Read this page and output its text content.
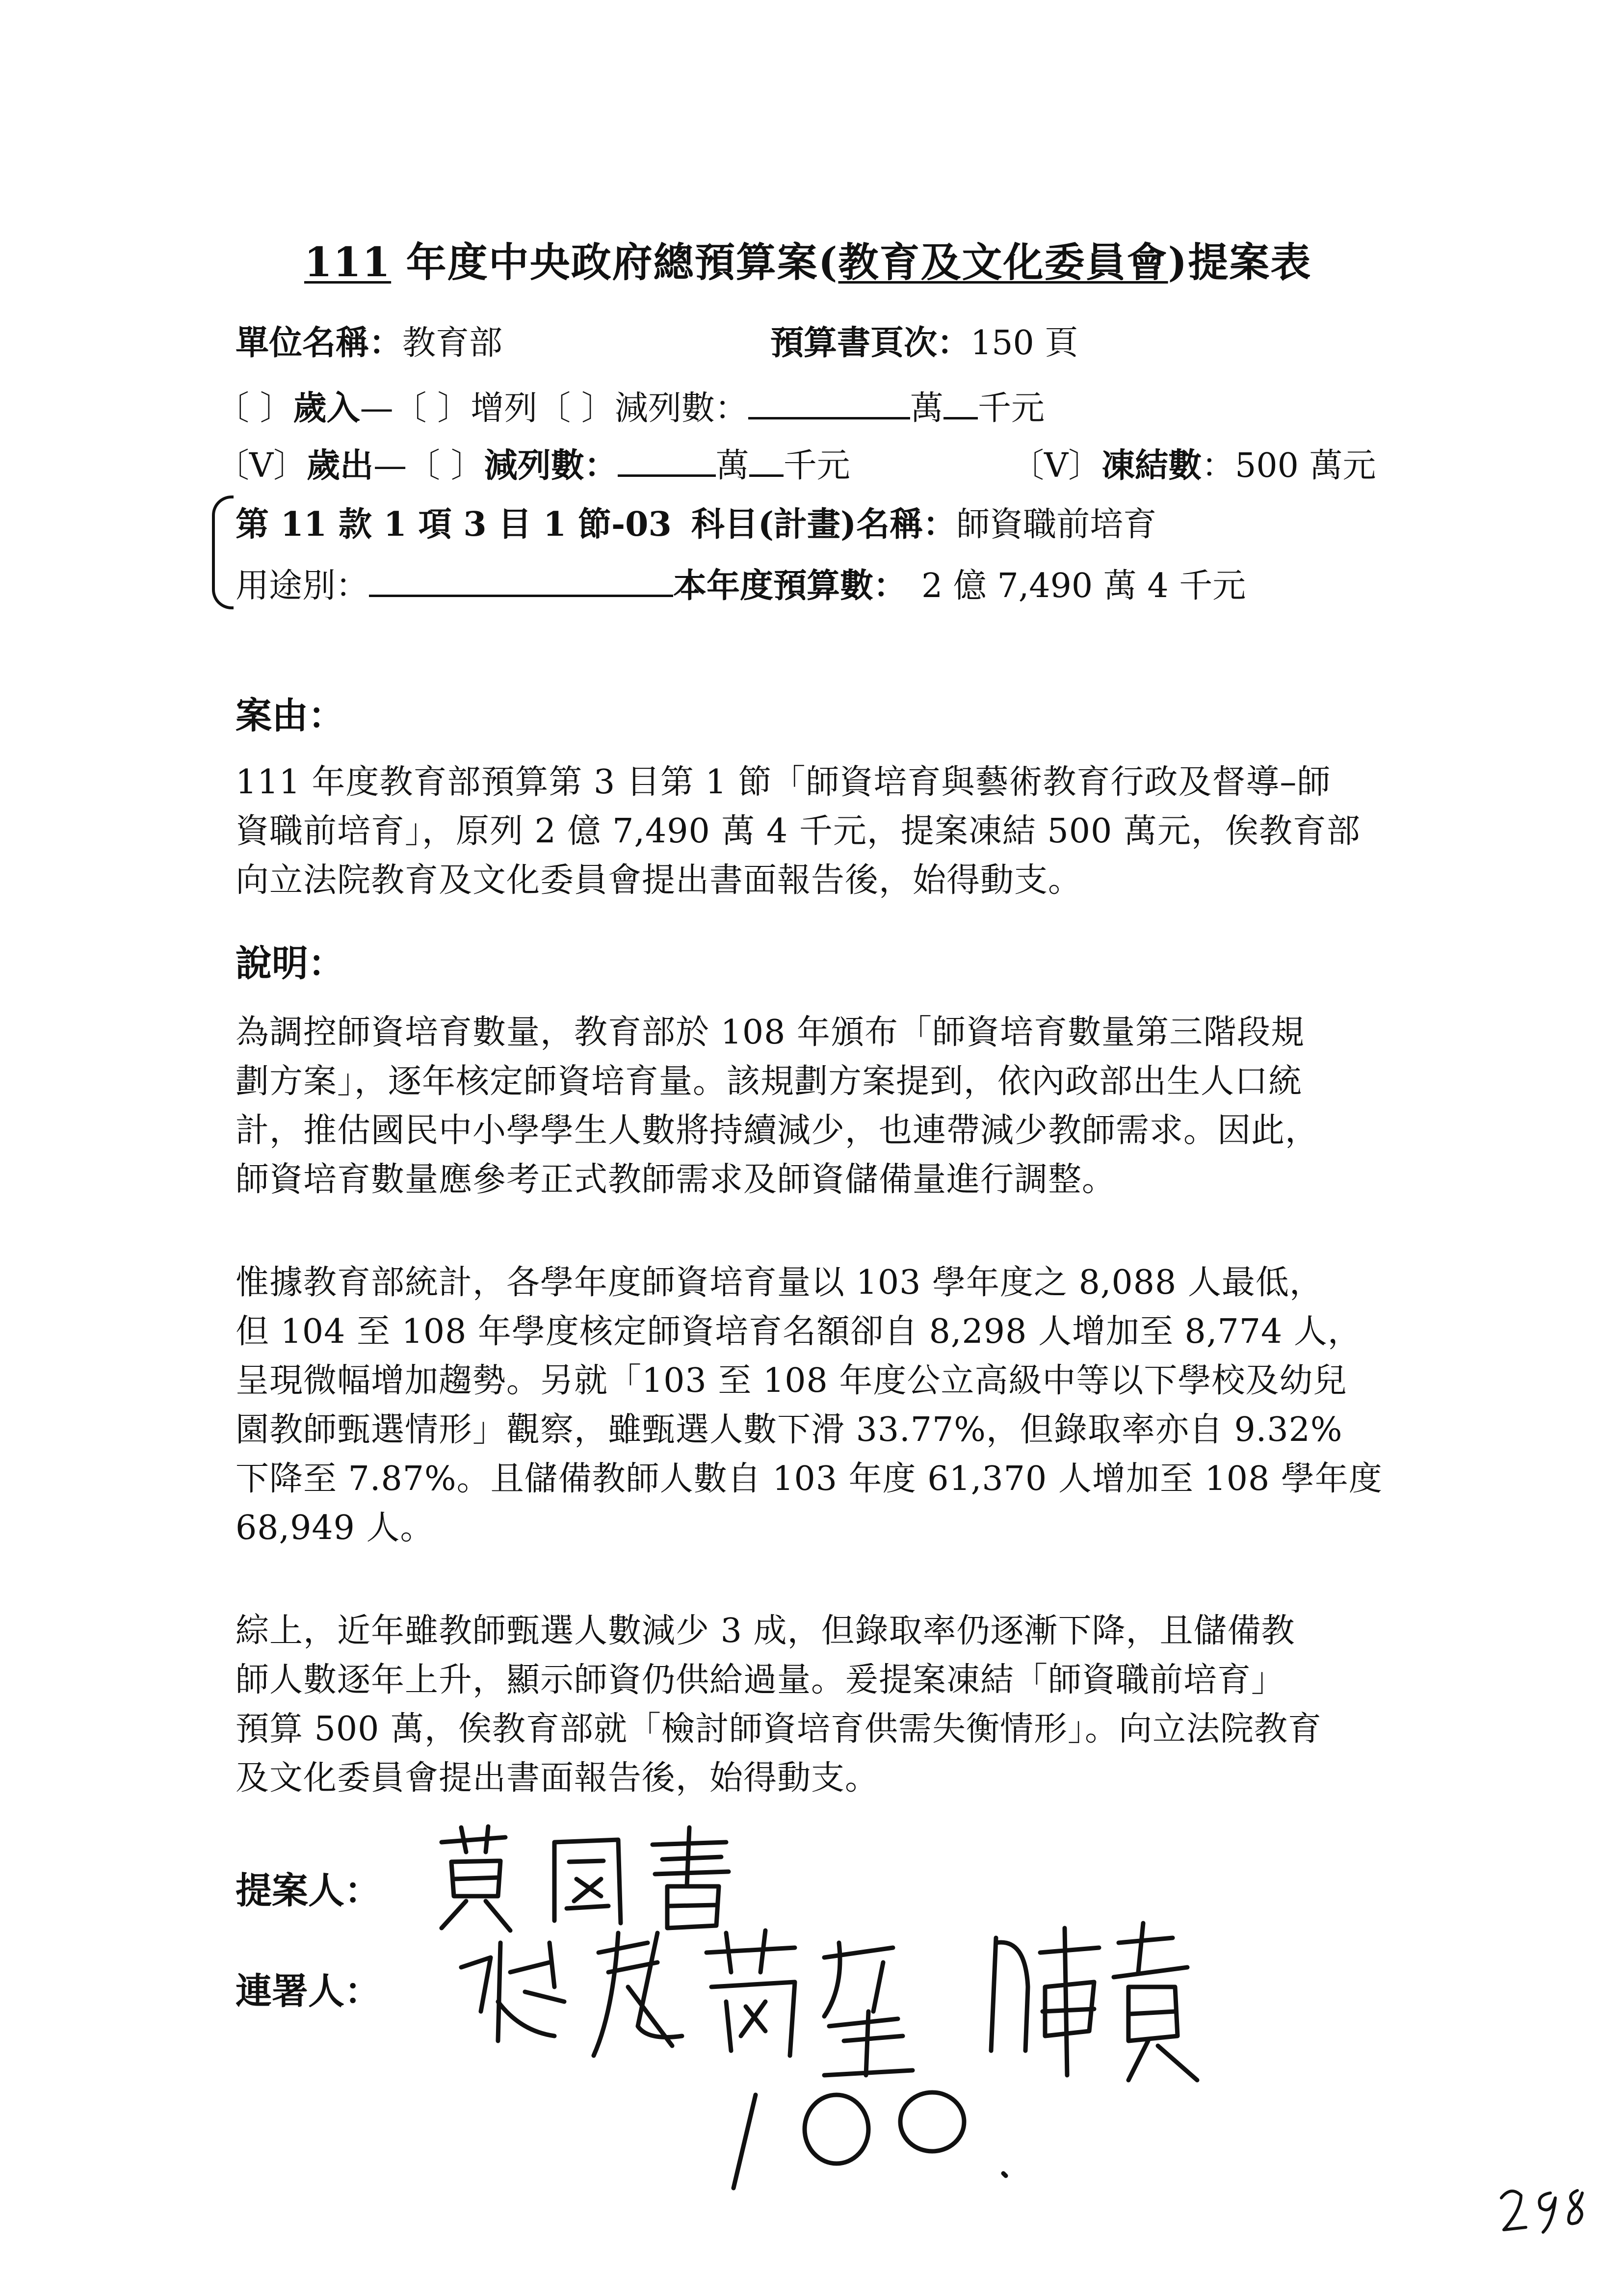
111 年度中央政府總預算案(教育及文化委員會)提案表
單位名稱：教育部	預算書頁次：150 頁
〔 〕歲入—〔 〕增列〔 〕減列數：	萬 千元
〔V〕歲出—〔 〕減列數：	萬 千元	〔V〕凍結數：500 萬元
第 11 款 1 項 3 目 1 節-03 科目(計畫)名稱：師資職前培育
用途別：	本年度預算數： 2 億 7,490 萬 4 千元
案由：
111 年度教育部預算第 3 目第 1 節「師資培育與藝術教育行政及督導–師
資職前培育」，原列 2 億 7,490 萬 4 千元，提案凍結 500 萬元，俟教育部
向立法院教育及文化委員會提出書面報告後，始得動支。
說明：
為調控師資培育數量，教育部於 108 年頒布「師資培育數量第三階段規
劃方案」，逐年核定師資培育量。該規劃方案提到，依內政部出生人口統
計，推估國民中小學學生人數將持續減少，也連帶減少教師需求。因此，
師資培育數量應參考正式教師需求及師資儲備量進行調整。
惟據教育部統計，各學年度師資培育量以 103 學年度之 8,088 人最低，
但 104 至 108 年學度核定師資培育名額卻自 8,298 人增加至 8,774 人，
呈現微幅增加趨勢。另就「103 至 108 年度公立高級中等以下學校及幼兒
園教師甄選情形」觀察，雖甄選人數下滑 33.77%，但錄取率亦自 9.32%
下降至 7.87%。且儲備教師人數自 103 年度 61,370 人增加至 108 學年度
68,949 人。
綜上，近年雖教師甄選人數減少 3 成，但錄取率仍逐漸下降，且儲備教
師人數逐年上升，顯示師資仍供給過量。爰提案凍結「師資職前培育」
預算 500 萬，俟教育部就「檢討師資培育供需失衡情形」。向立法院教育
及文化委員會提出書面報告後，始得動支。
提案人：
連署人：
